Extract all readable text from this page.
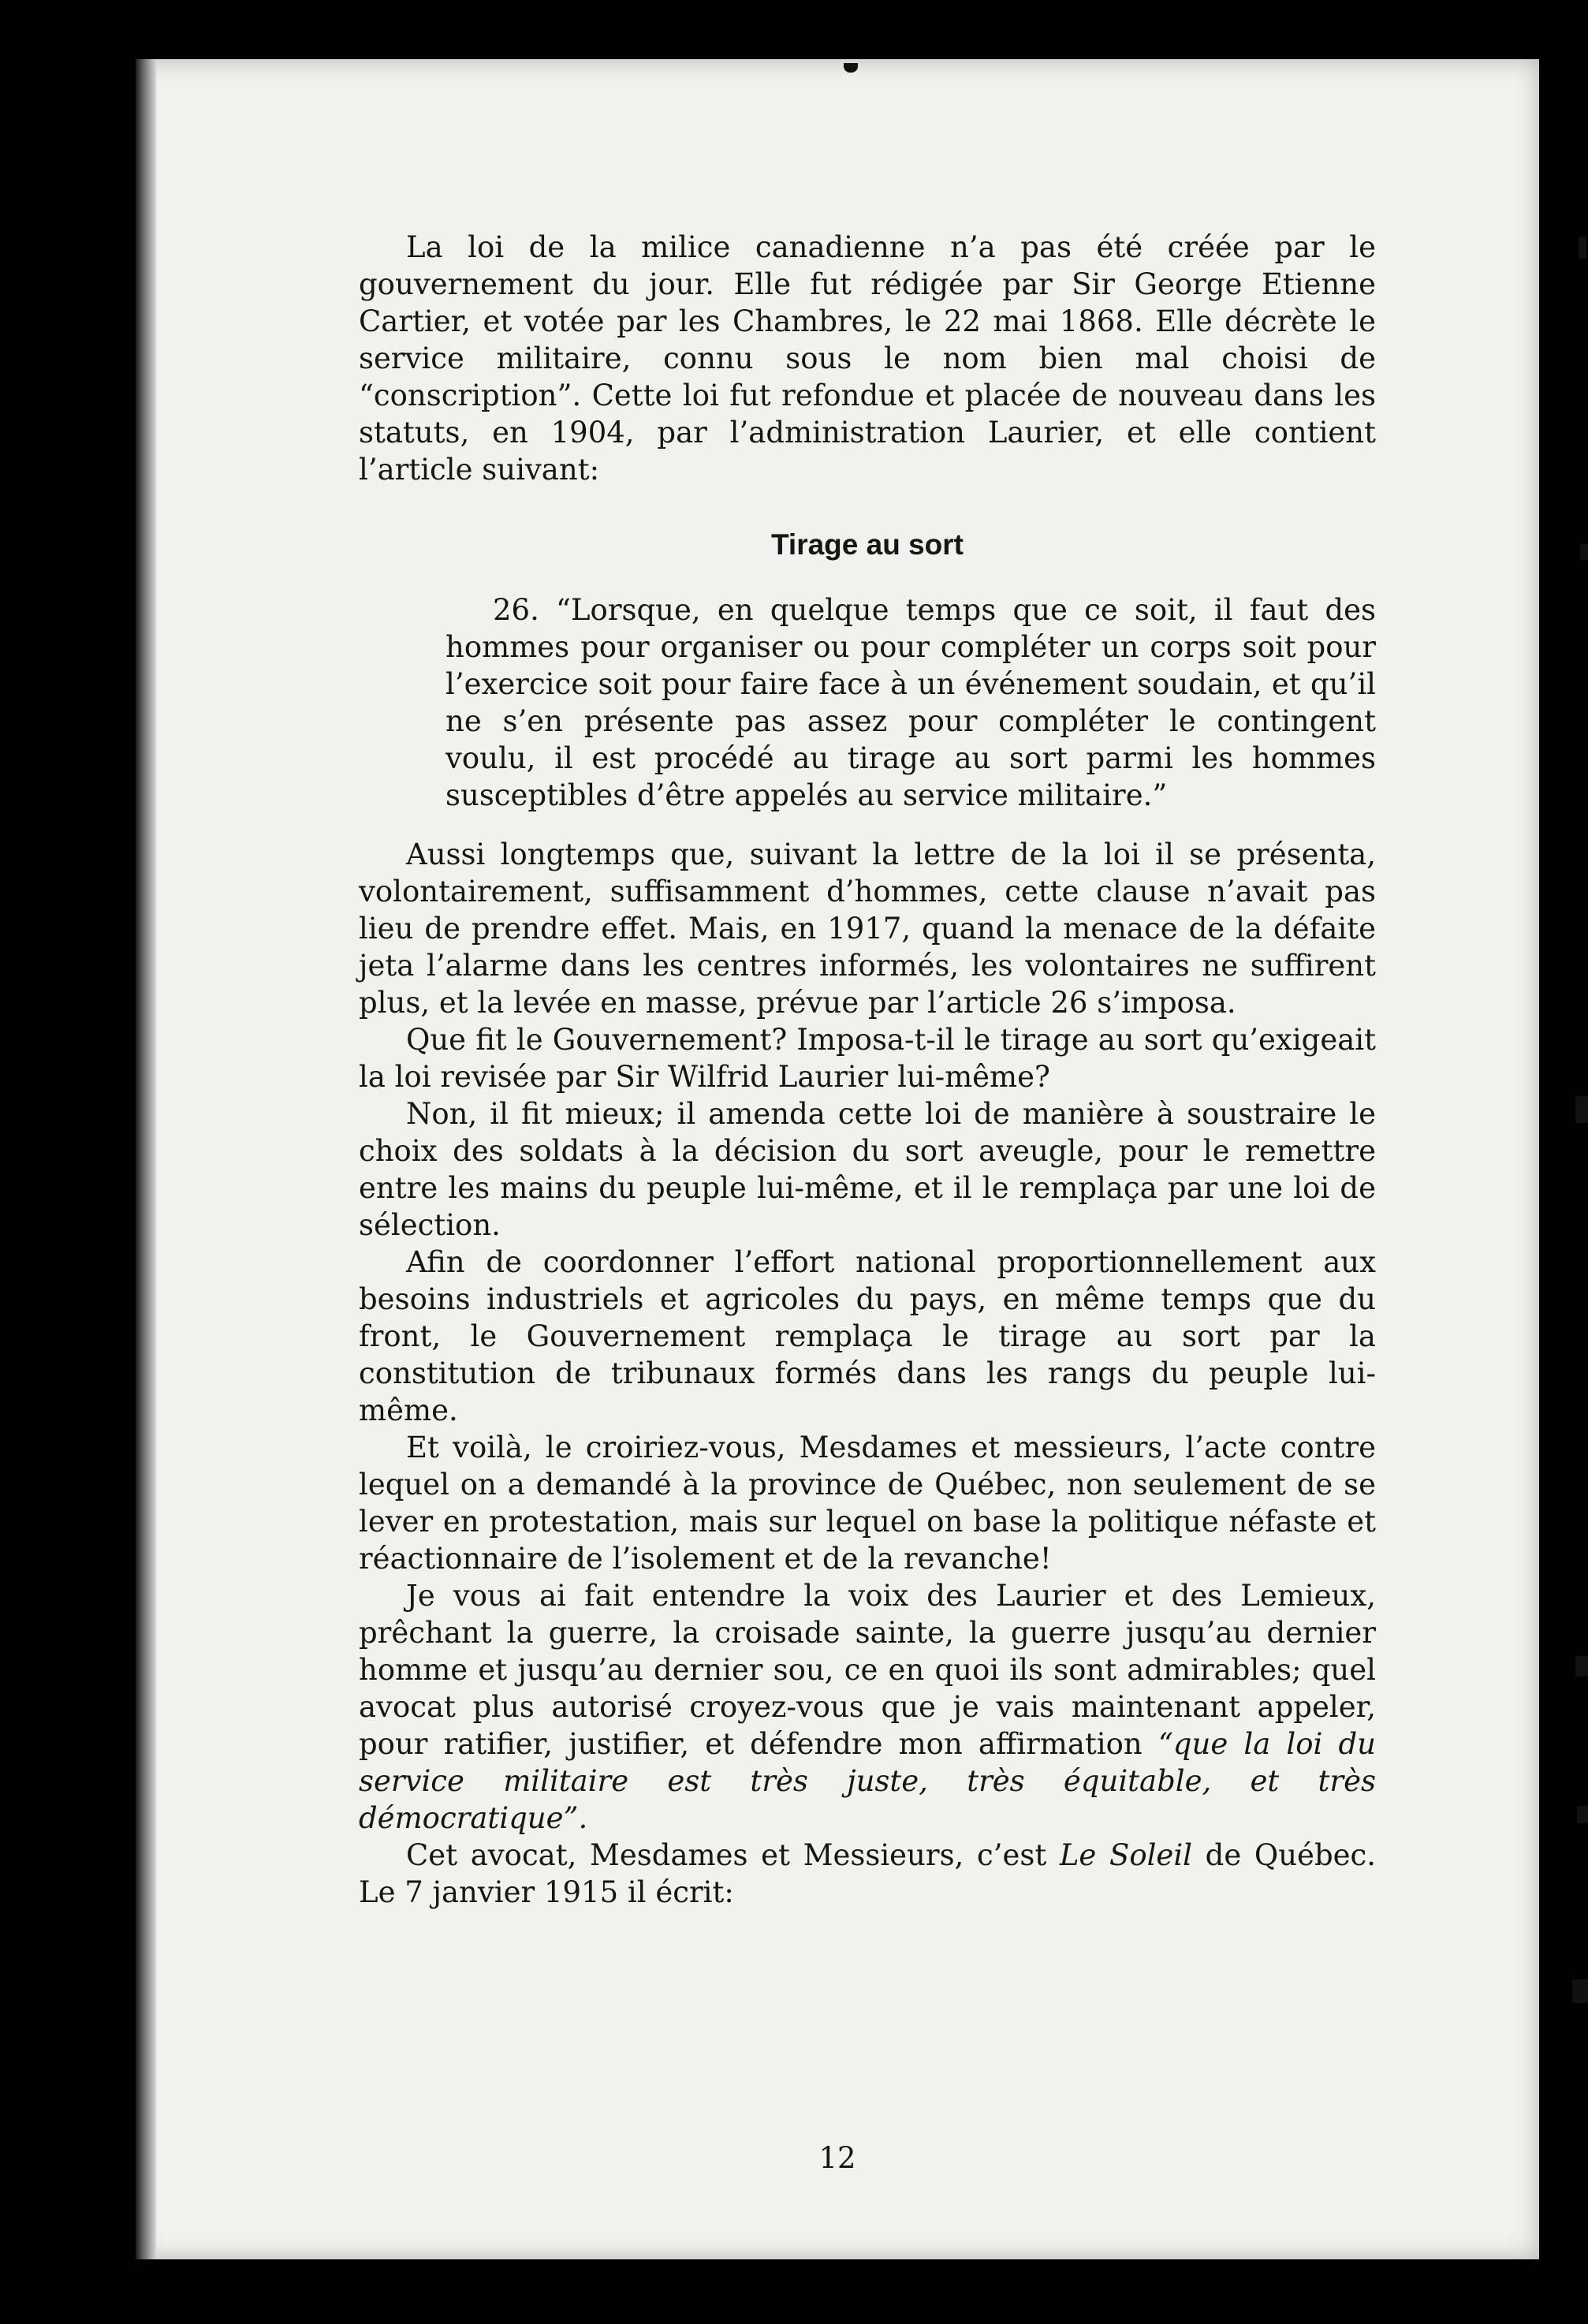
12

La loi de la milice canadienne n’a pas été créée par le gouvernement du jour. Elle fut rédigée par Sir George Etienne Cartier, et votée par les Chambres, le 22 mai 1868. Elle décrète le service militaire, connu sous le nom bien mal choisi de “conscription”. Cette loi fut refondue et placée de nouveau dans les statuts, en 1904, par l’administration Laurier, et elle contient l’article suivant:

Tirage au sort

26. “Lorsque, en quelque temps que ce soit, il faut des hommes pour organiser ou pour compléter un corps soit pour l’exercice soit pour faire face à un événement soudain, et qu’il ne s’en présente pas assez pour compléter le contingent voulu, il est procédé au tirage au sort parmi les hommes susceptibles d’être appelés au service militaire.”

Aussi longtemps que, suivant la lettre de la loi il se présenta, volontairement, suffisamment d’hommes, cette clause n’avait pas lieu de prendre effet. Mais, en 1917, quand la menace de la défaite jeta l’alarme dans les centres informés, les volontaires ne suffirent plus, et la levée en masse, prévue par l’article 26 s’imposa.

Que fit le Gouvernement? Imposa-t-il le tirage au sort qu’exigeait la loi revisée par Sir Wilfrid Laurier lui-même?

Non, il fit mieux; il amenda cette loi de manière à soustraire le choix des soldats à la décision du sort aveugle, pour le remettre entre les mains du peuple lui-même, et il le remplaça par une loi de sélection.

Afin de coordonner l’effort national proportionnellement aux besoins industriels et agricoles du pays, en même temps que du front, le Gouvernement remplaça le tirage au sort par la constitution de tribunaux formés dans les rangs du peuple lui-même.

Et voilà, le croiriez-vous, Mesdames et messieurs, l’acte contre lequel on a demandé à la province de Québec, non seulement de se lever en protestation, mais sur lequel on base la politique néfaste et réactionnaire de l’isolement et de la revanche!

Je vous ai fait entendre la voix des Laurier et des Lemieux, prêchant la guerre, la croisade sainte, la guerre jusqu’au dernier homme et jusqu’au dernier sou, ce en quoi ils sont admirables; quel avocat plus autorisé croyez-vous que je vais maintenant appeler, pour ratifier, justifier, et défendre mon affirmation “que la loi du service militaire est très juste, très équitable, et très démocratique”.

Cet avocat, Mesdames et Messieurs, c’est Le Soleil de Québec. Le 7 janvier 1915 il écrit:
